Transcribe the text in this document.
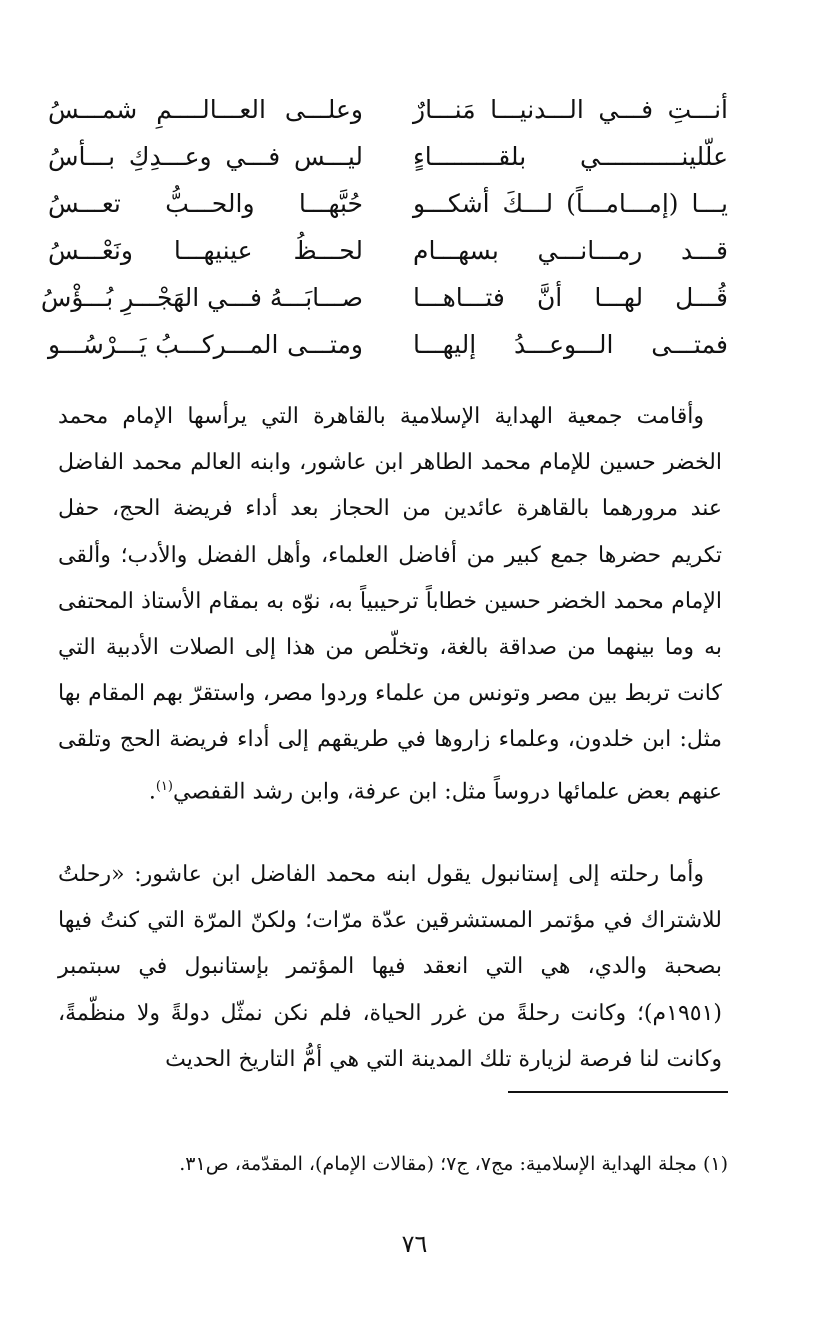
أنـــتِ فـــي الـــدنيـــا مَنـــارٌ
وعلـــى العـــالــــمِ شمـــسُ
علّلينـــــــــــي بلقـــــــــاءٍ
ليـــس فـــي وعـــدِكِ بـــأسُ
يـــا (إمـــامـــاً) لـــكَ أشكـــو
حُبَّهـــا والحـــبُّ تعـــسُ
قـــد رمـــانـــي بسهـــام
لحـــظُ عينيهـــا ونَعْـــسُ
قُـــل لهـــا أنَّ فتـــاهـــا
صـــابَـــهُ فـــي الهَجْـــرِ بُـــؤْسُ
فمتـــى الـــوعـــدُ إليهـــا
ومتـــى المـــركـــبُ يَـــرْسُـــو

وأقامت جمعية الهداية الإسلامية بالقاهرة التي يرأسها الإمام محمد الخضر حسين للإمام محمد الطاهر ابن عاشور، وابنه العالم محمد الفاضل عند مرورهما بالقاهرة عائدين من الحجاز بعد أداء فريضة الحج، حفل تكريم حضرها جمع كبير من أفاضل العلماء، وأهل الفضل والأدب؛ وألقى الإمام محمد الخضر حسين خطاباً ترحيبياً به، نوّه به بمقام الأستاذ المحتفى به وما بينهما من صداقة بالغة، وتخلّص من هذا إلى الصلات الأدبية التي كانت تربط بين مصر وتونس من علماء وردوا مصر، واستقرّ بهم المقام بها مثل: ابن خلدون، وعلماء زاروها في طريقهم إلى أداء فريضة الحج وتلقى عنهم بعض علمائها دروساً مثل: ابن عرفة، وابن رشد القفصي$^{(١)}$.

وأما رحلته إلى إستانبول يقول ابنه محمد الفاضل ابن عاشور: «رحلتُ للاشتراك في مؤتمر المستشرقين عدّة مرّات؛ ولكنّ المرّة التي كنتُ فيها بصحبة والدي، هي التي انعقد فيها المؤتمر بإستانبول في سبتمبر (١٩٥١م)؛ وكانت رحلةً من غرر الحياة، فلم نكن نمثّل دولةً ولا منظّمةً، وكانت لنا فرصة لزيارة تلك المدينة التي هي أمُّ التاريخ الحديث

(١) مجلة الهداية الإسلامية: مج٧، ج٧؛ (مقالات الإمام)، المقدّمة، ص٣١.
٧٦
